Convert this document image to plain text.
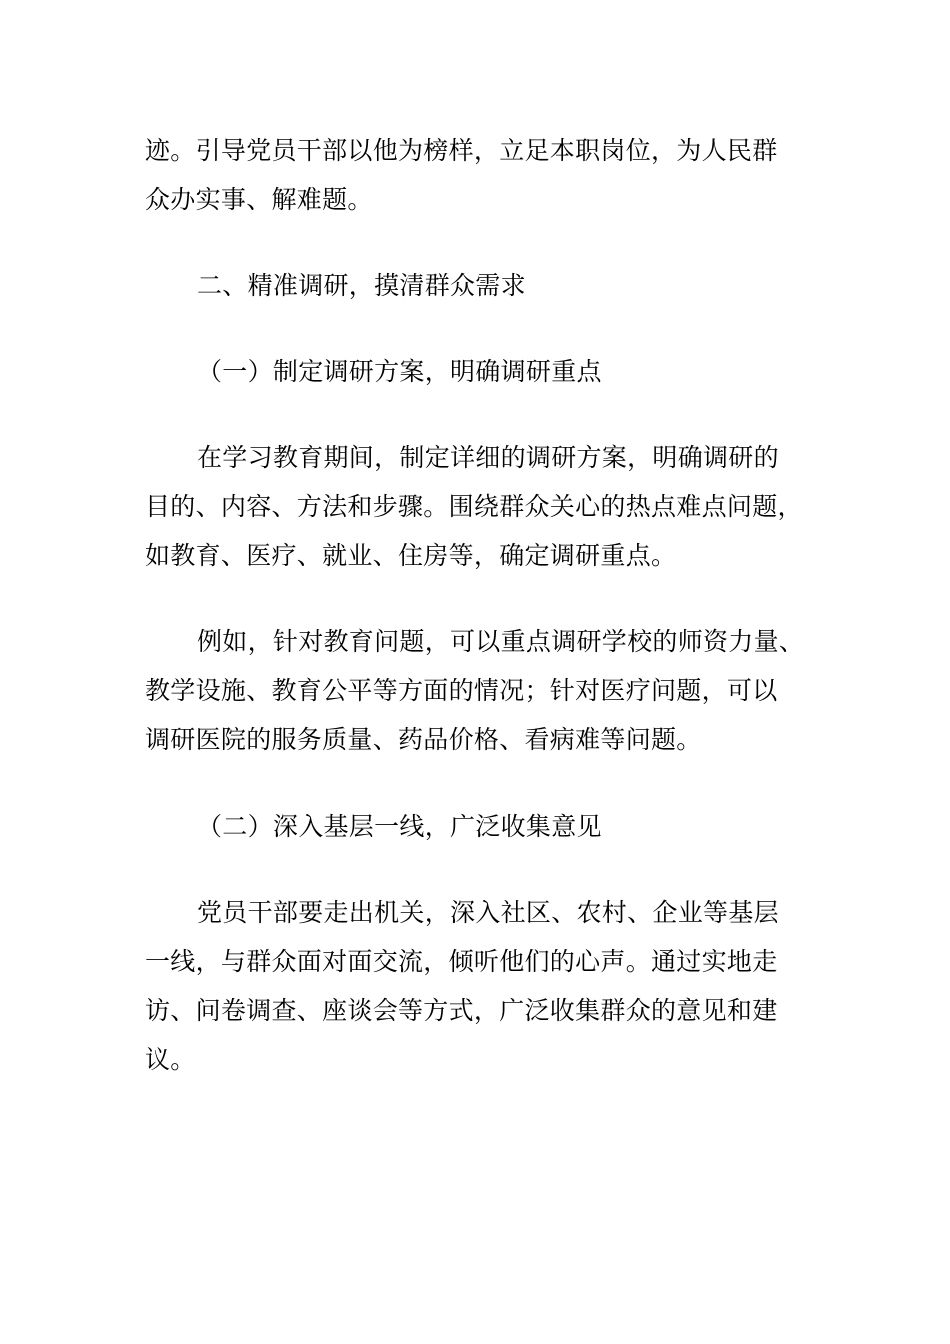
迹。引导党员干部以他为榜样，立足本职岗位，为人民群
众办实事、解难题。
二、精准调研，摸清群众需求
（一）制定调研方案，明确调研重点
在学习教育期间，制定详细的调研方案，明确调研的
目的、内容、方法和步骤。围绕群众关心的热点难点问题，
如教育、医疗、就业、住房等，确定调研重点。
例如，针对教育问题，可以重点调研学校的师资力量、
教学设施、教育公平等方面的情况；针对医疗问题，可以
调研医院的服务质量、药品价格、看病难等问题。
（二）深入基层一线，广泛收集意见
党员干部要走出机关，深入社区、农村、企业等基层
一线，与群众面对面交流，倾听他们的心声。通过实地走
访、问卷调查、座谈会等方式，广泛收集群众的意见和建
议。
